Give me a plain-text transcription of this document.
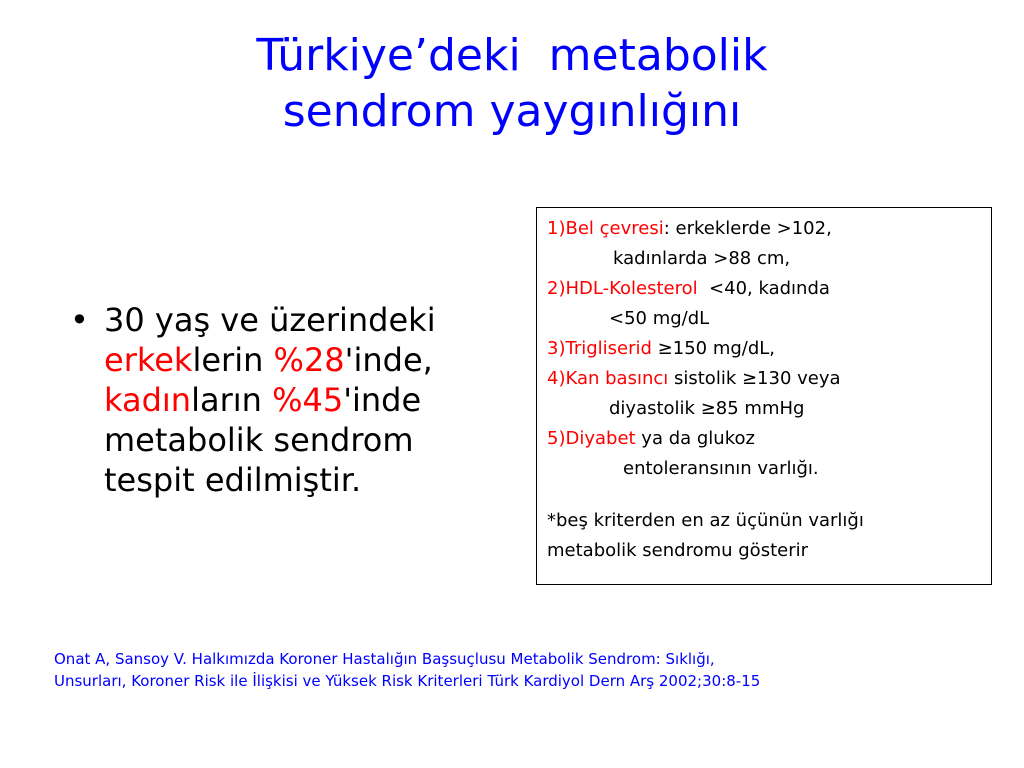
Türkiye’deki  metabolik
sendrom yaygınlığını
• 30 yaş ve üzerindeki erkeklerin %28'inde, kadınların %45'inde metabolik sendrom tespit edilmiştir.
1)Bel çevresi: erkeklerde >102,
kadınlarda >88 cm,
2)HDL-Kolesterol  <40, kadında
<50 mg/dL
3)Trigliserid ≥150 mg/dL,
4)Kan basıncı sistolik ≥130 veya
diyastolik ≥85 mmHg
5)Diyabet ya da glukoz
entoleransının varlığı.
*beş kriterden en az üçünün varlığı
metabolik sendromu gösterir
Onat A, Sansoy V. Halkımızda Koroner Hastalığın Başsuçlusu Metabolik Sendrom: Sıklığı,
Unsurları, Koroner Risk ile İlişkisi ve Yüksek Risk Kriterleri Türk Kardiyol Dern Arş 2002;30:8-15
